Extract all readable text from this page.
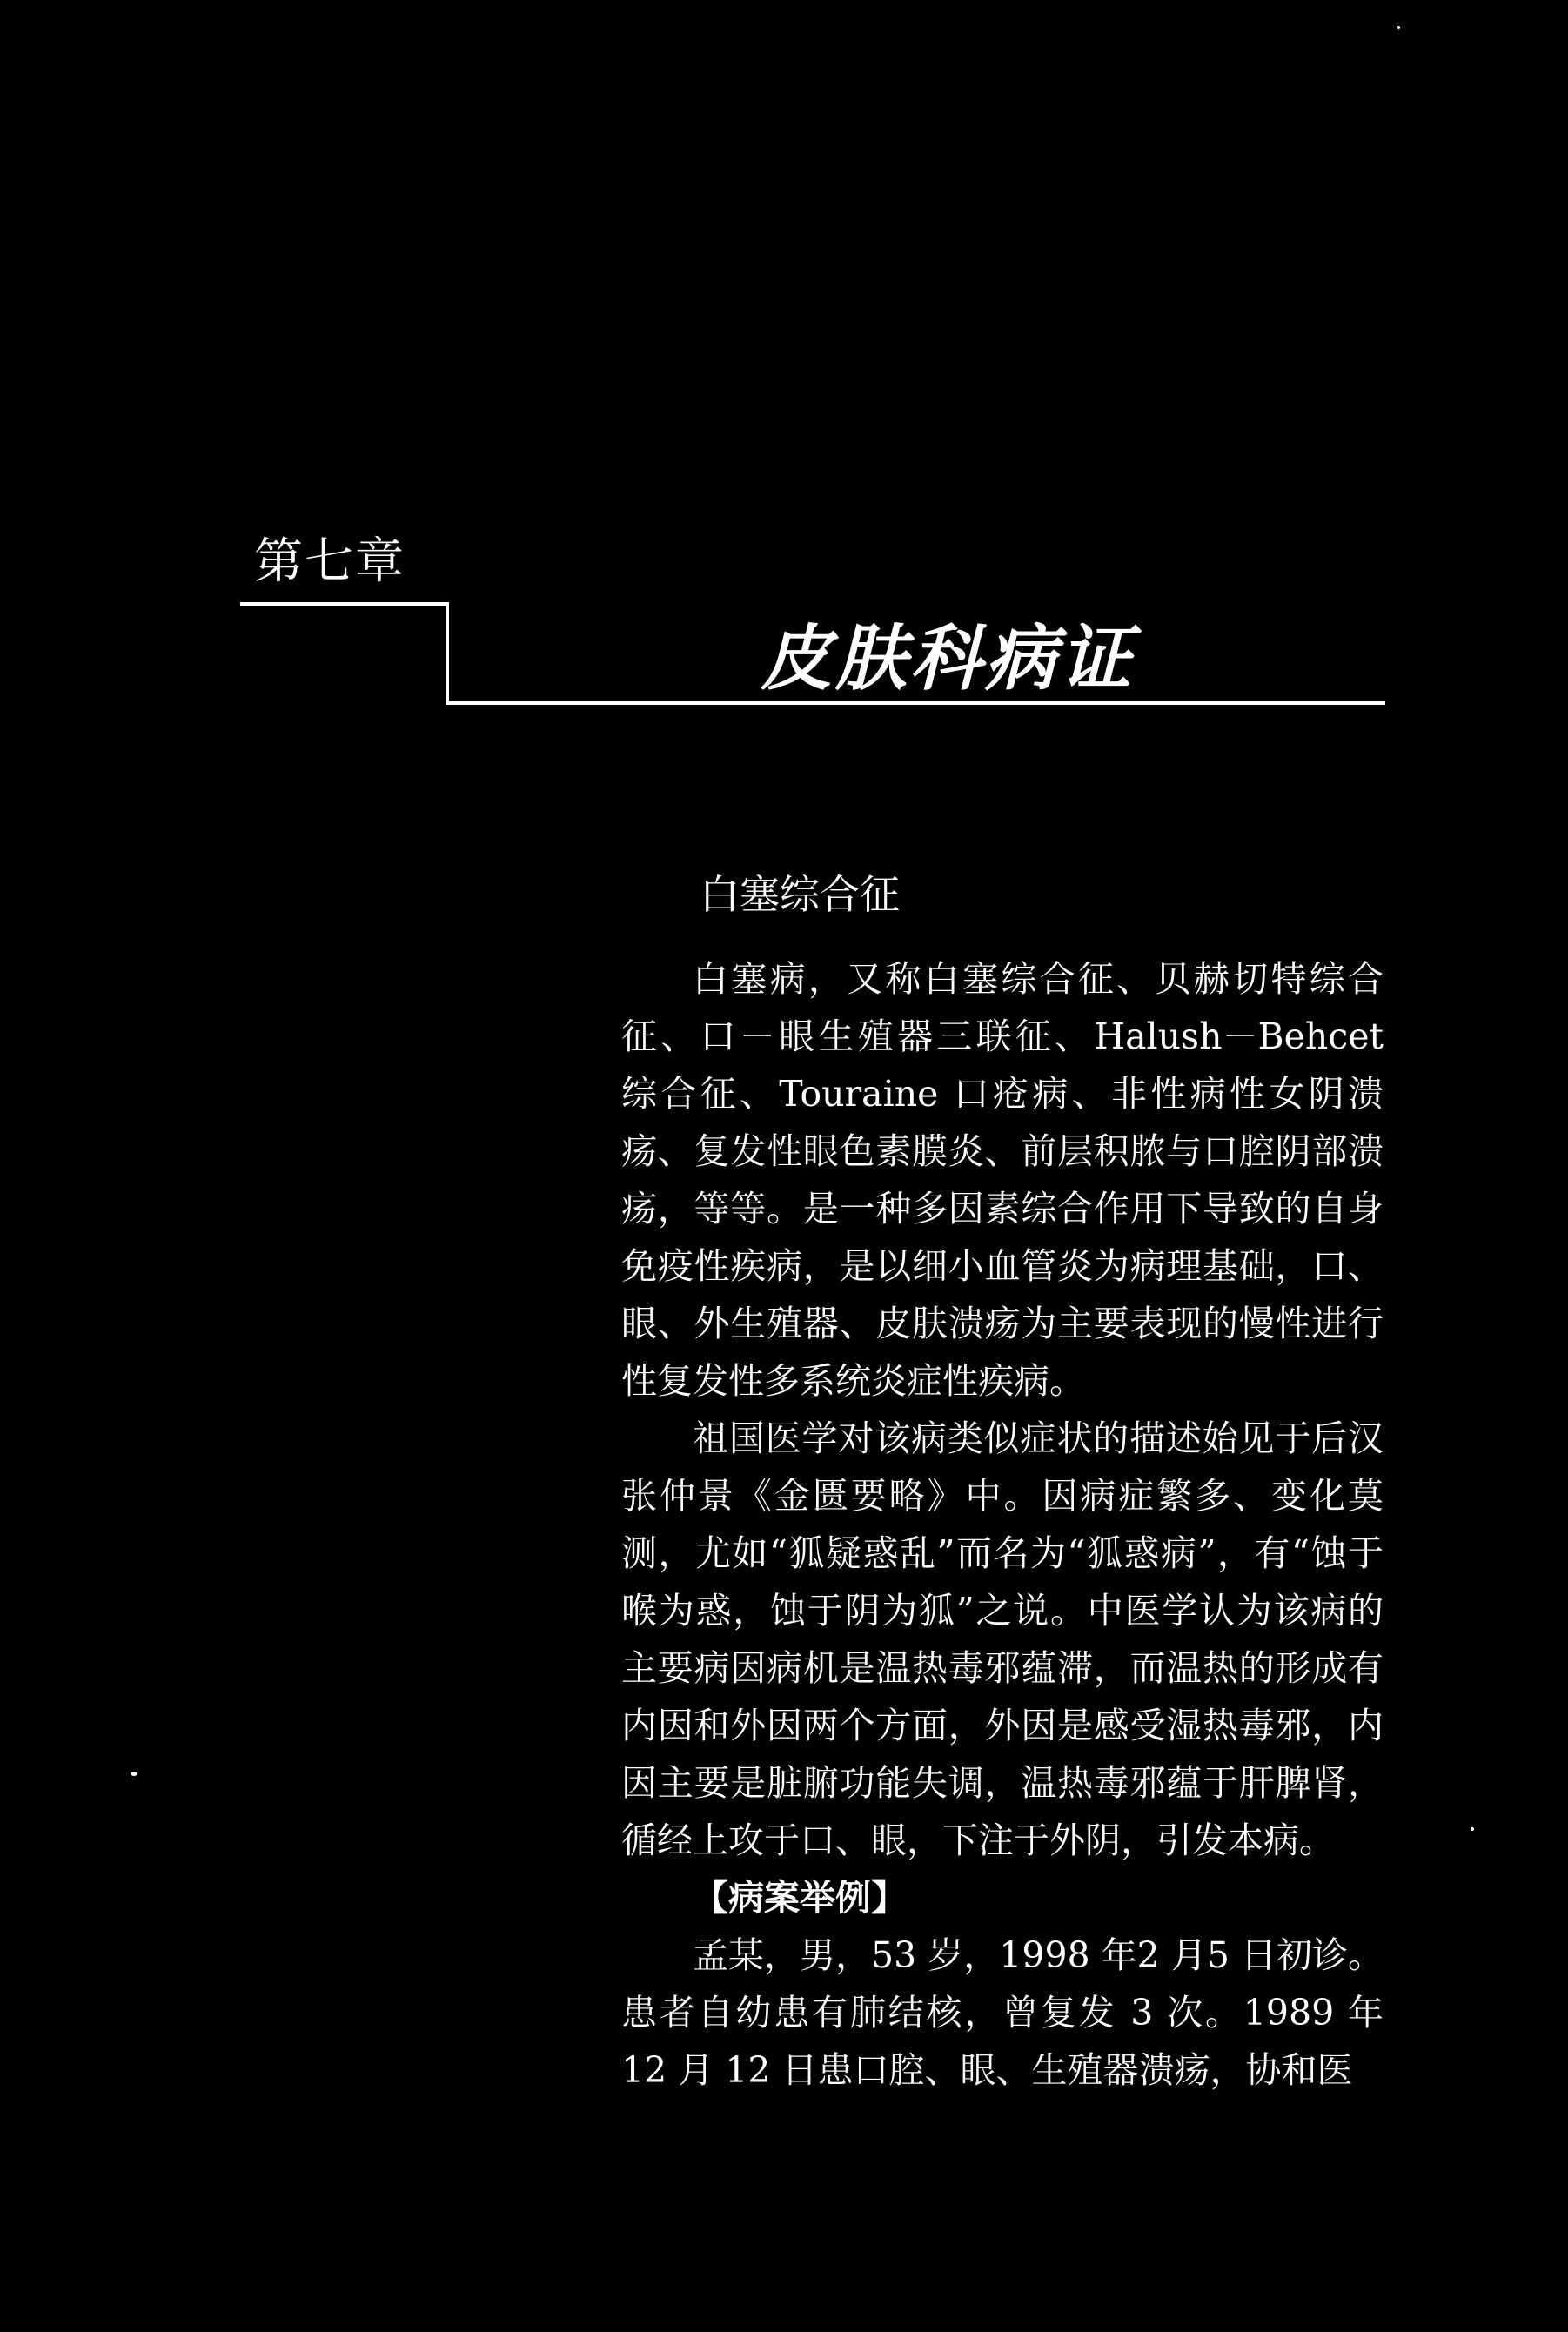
第七章
皮肤科病证
白塞综合征

白塞病，又称白塞综合征、贝赫切特综合征、口－眼生殖器三联征、Halush－Behcet 综合征、Touraine 口疮病、非性病性女阴溃疡、复发性眼色素膜炎、前层积脓与口腔阴部溃疡，等等。是一种多因素综合作用下导致的自身免疫性疾病，是以细小血管炎为病理基础，口、眼、外生殖器、皮肤溃疡为主要表现的慢性进行性复发性多系统炎症性疾病。

祖国医学对该病类似症状的描述始见于后汉张仲景《金匮要略》中。因病症繁多、变化莫测，尤如“狐疑惑乱”而名为“狐惑病”，有“蚀于喉为惑，蚀于阴为狐”之说。中医学认为该病的主要病因病机是温热毒邪蕴滞，而温热的形成有内因和外因两个方面，外因是感受湿热毒邪，内因主要是脏腑功能失调，温热毒邪蕴于肝脾肾，循经上攻于口、眼，下注于外阴，引发本病。

【病案举例】

孟某，男，53 岁，1998 年2 月5 日初诊。患者自幼患有肺结核，曾复发 3 次。1989 年 12 月 12 日患口腔、眼、生殖器溃疡，协和医
